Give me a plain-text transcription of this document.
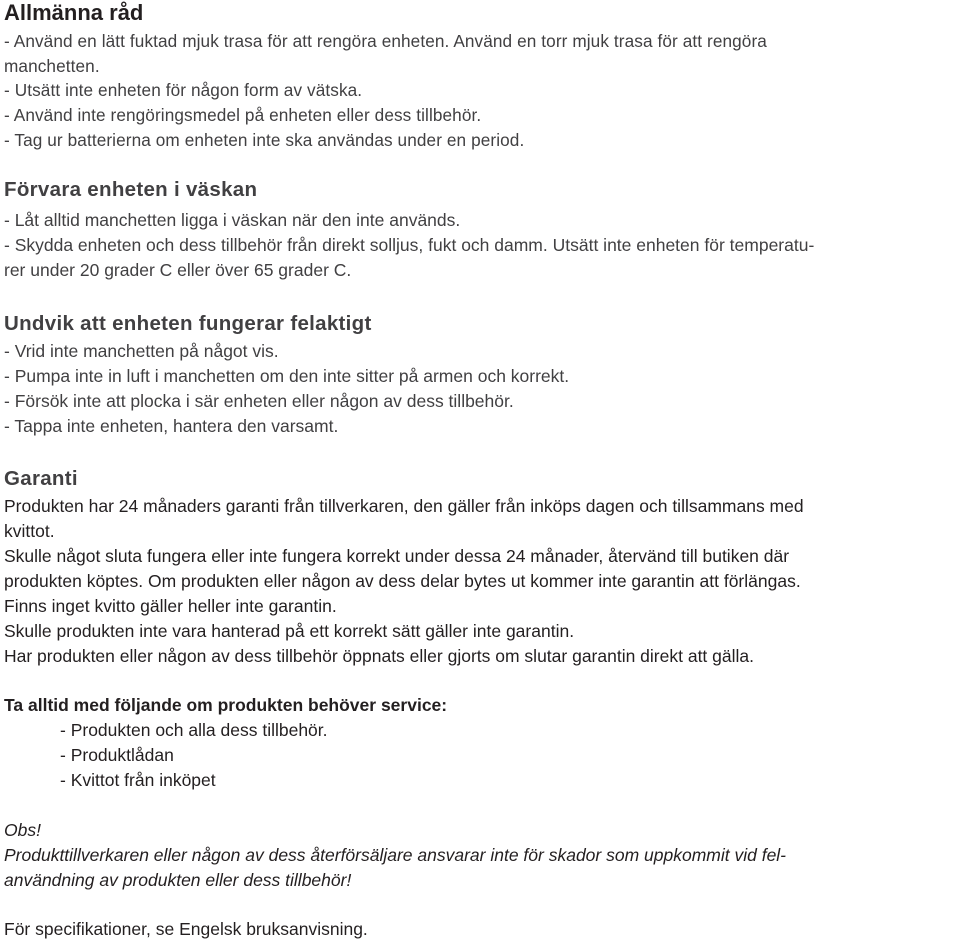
Allmänna råd
- Använd en lätt fuktad mjuk trasa för att rengöra enheten. Använd en torr mjuk trasa för att rengöra
manchetten.
- Utsätt inte enheten för någon form av vätska.
- Använd inte rengöringsmedel på enheten eller dess tillbehör.
- Tag ur batterierna om enheten inte ska användas under en period.
Förvara enheten i väskan
- Låt alltid manchetten ligga i väskan när den inte används.
- Skydda enheten och dess tillbehör från direkt solljus, fukt och damm. Utsätt inte enheten för temperatu-
rer under 20 grader C eller över 65 grader C.
Undvik att enheten fungerar felaktigt
- Vrid inte manchetten på något vis.
- Pumpa inte in luft i manchetten om den inte sitter på armen och korrekt.
- Försök inte att plocka i sär enheten eller någon av dess tillbehör.
- Tappa inte enheten, hantera den varsamt.
Garanti
Produkten har 24 månaders garanti från tillverkaren, den gäller från inköps dagen och tillsammans med
kvittot.
Skulle något sluta fungera eller inte fungera korrekt under dessa 24 månader, återvänd till butiken där
produkten köptes. Om produkten eller någon av dess delar bytes ut kommer inte garantin att förlängas.
Finns inget kvitto gäller heller inte garantin.
Skulle produkten inte vara hanterad på ett korrekt sätt gäller inte garantin.
Har produkten eller någon av dess tillbehör öppnats eller gjorts om slutar garantin direkt att gälla.
Ta alltid med följande om produkten behöver service:
- Produkten och alla dess tillbehör.
- Produktlådan
- Kvittot från inköpet
Obs!
Produkttillverkaren eller någon av dess återförsäljare ansvarar inte för skador som uppkommit vid fel-
användning av produkten eller dess tillbehör!
För specifikationer, se Engelsk bruksanvisning.
